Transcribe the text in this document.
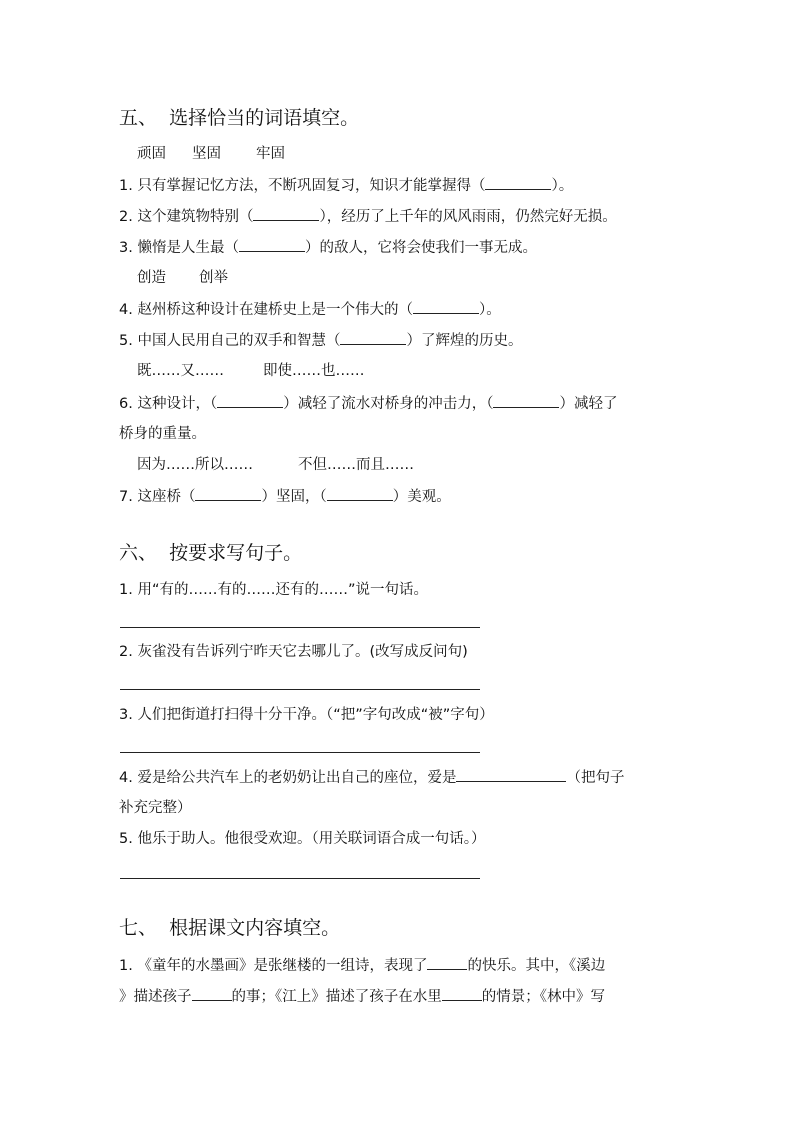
五、  选择恰当的词语填空。
顽固 坚固 牢固
1. 只有掌握记忆方法，不断巩固复习，知识才能掌握得（	）。
2. 这个建筑物特别（	），经历了上千年的风风雨雨，仍然完好无损。
3. 懒惰是人生最（	）的敌人，它将会使我们一事无成。
创造 创举
4. 赵州桥这种设计在建桥史上是一个伟大的（	）。
5. 中国人民用自己的双手和智慧（	）了辉煌的历史。
既……又……	即使……也……
6. 这种设计，（	）减轻了流水对桥身的冲击力，（	）减轻了
桥身的重量。
因为……所以……	不但……而且……
7. 这座桥（	）坚固，（	）美观。
六、  按要求写句子。
1. 用“有的……有的……还有的……”说一句话。
2. 灰雀没有告诉列宁昨天它去哪儿了。(改写成反问句)
3. 人们把街道打扫得十分干净。（“把”字句改成“被”字句）
4. 爱是给公共汽车上的老奶奶让出自己的座位，爱是	（把句子
补充完整）
5. 他乐于助人。他很受欢迎。（用关联词语合成一句话。）
七、  根据课文内容填空。
1. 《童年的水墨画》是张继楼的一组诗，表现了	的快乐。其中，《溪边
》描述孩子	的事；《江上》描述了孩子在水里	的情景；《林中》写
